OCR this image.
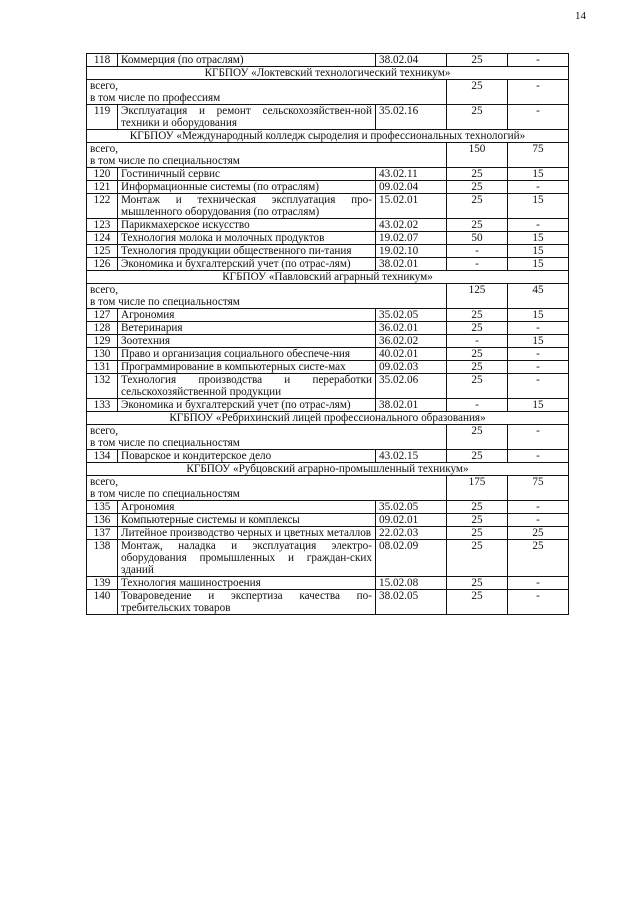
14
118	Коммерция (по отраслям)	38.02.04	25	-
КГБПОУ «Локтевский технологический техникум»				

всего,
в том числе по профессиям			25	-
119	Эксплуатация и ремонт сельскохозяйствен-ной техники и оборудования	35.02.16	25	-
КГБПОУ «Международный колледж сыроделия и профессиональных технологий»				

всего,
в том числе по специальностям			150	75
120	Гостиничный сервис	43.02.11	25	15
121	Информационные системы (по отраслям)	09.02.04	25	-
122	Монтаж и техническая эксплуатация про-мышленного оборудования (по отраслям)	15.02.01	25	15
123	Парикмахерское искусство	43.02.02	25	-
124	Технология молока и молочных продуктов	19.02.07	50	15
125	Технология продукции общественного пи-тания	19.02.10	-	15
126	Экономика и бухгалтерский учет (по отрас-лям)	38.02.01	-	15
КГБПОУ «Павловский аграрный техникум»				

всего,
в том числе по специальностям			125	45
127	Агрономия	35.02.05	25	15
128	Ветеринария	36.02.01	25	-
129	Зоотехния	36.02.02	-	15
130	Право и организация социального обеспече-ния	40.02.01	25	-
131	Программирование в компьютерных систе-мах	09.02.03	25	-
132	Технология производства и переработки сельскохозяйственной продукции	35.02.06	25	-
133	Экономика и бухгалтерский учет (по отрас-лям)	38.02.01	-	15
КГБПОУ «Ребрихинский лицей профессионального образования»				

всего,
в том числе по специальностям			25	-
134	Поварское и кондитерское дело	43.02.15	25	-
КГБПОУ «Рубцовский аграрно-промышленный техникум»				

всего,
в том числе по специальностям			175	75
135	Агрономия	35.02.05	25	-
136	Компьютерные системы и комплексы	09.02.01	25	-
137	Литейное производство черных и цветных металлов	22.02.03	25	25
138	Монтаж, наладка и эксплуатация электро-оборудования промышленных и граждан-ских зданий	08.02.09	25	25
139	Технология машиностроения	15.02.08	25	-
140	Товароведение и экспертиза качества по-требительских товаров	38.02.05	25	-
